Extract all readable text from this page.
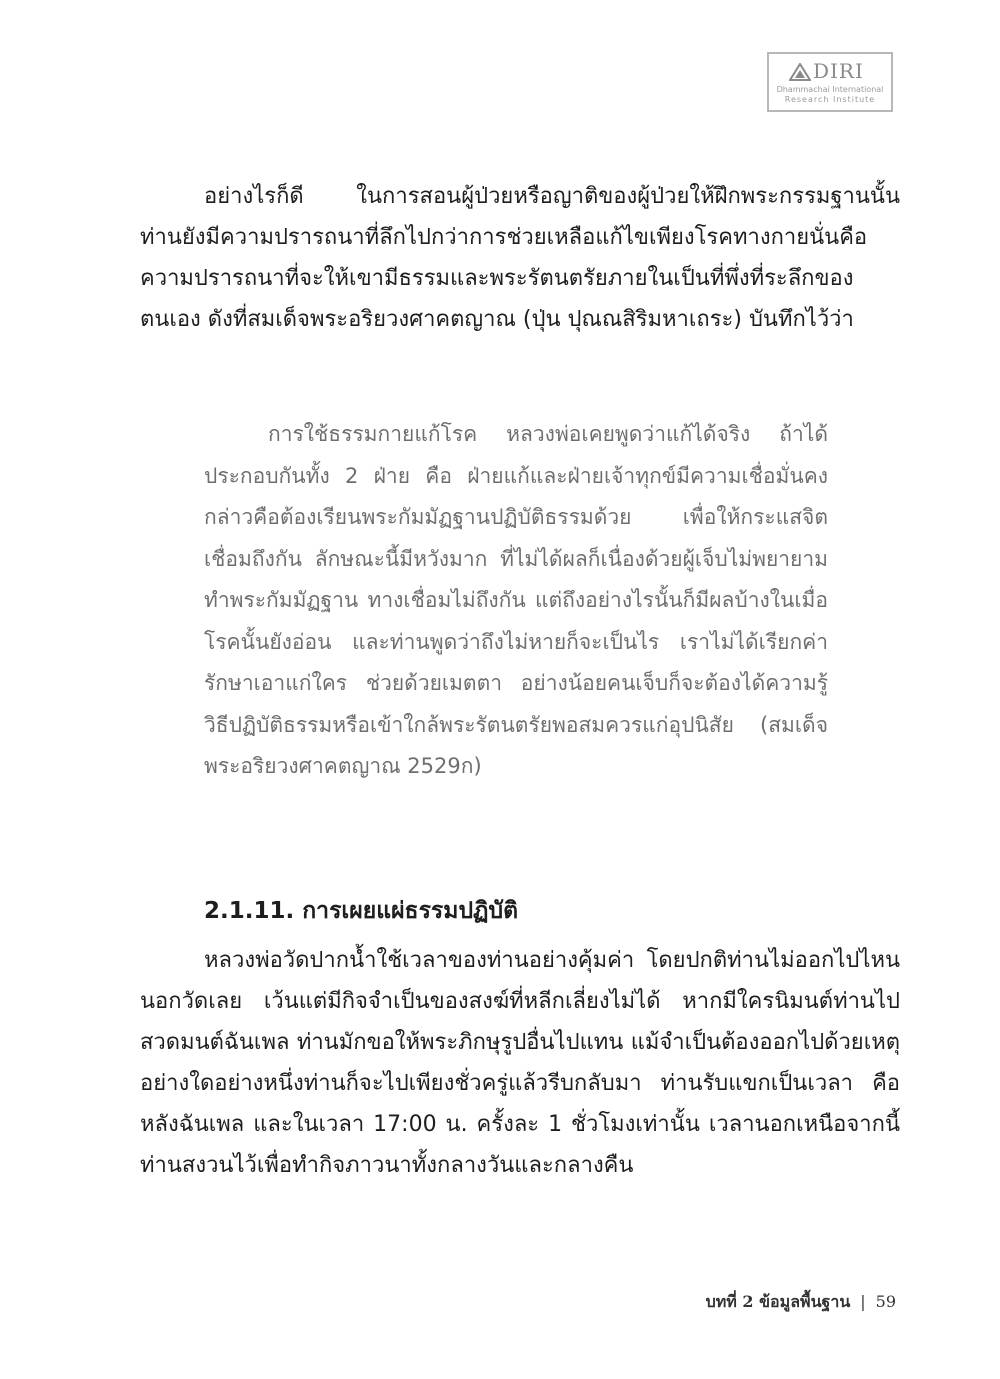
DIRI
Dhammachai International
Research Institute

อย่างไรก็ดี ในการสอนผู้ป่วยหรือญาติของผู้ป่วยให้ฝึกพระกรรมฐานนั้น ท่านยังมีความปรารถนาที่ลึกไปกว่าการช่วยเหลือแก้ไขเพียงโรคทางกายนั่นคือความปรารถนาที่จะให้เขามีธรรมและพระรัตนตรัยภายในเป็นที่พึ่งที่ระลึกของตนเอง ดังที่สมเด็จพระอริยวงศาคตญาณ (ปุ่น ปุณณสิริมหาเถระ) บันทึกไว้ว่า

การใช้ธรรมกายแก้โรค หลวงพ่อเคยพูดว่าแก้ได้จริง ถ้าได้ประกอบกันทั้ง 2 ฝ่าย คือ ฝ่ายแก้และฝ่ายเจ้าทุกข์มีความเชื่อมั่นคง กล่าวคือต้องเรียนพระกัมมัฏฐานปฏิบัติธรรมด้วย เพื่อให้กระแสจิตเชื่อมถึงกัน ลักษณะนี้มีหวังมาก ที่ไม่ได้ผลก็เนื่องด้วยผู้เจ็บไม่พยายามทำพระกัมมัฏฐาน ทางเชื่อมไม่ถึงกัน แต่ถึงอย่างไรนั้นก็มีผลบ้างในเมื่อโรคนั้นยังอ่อน และท่านพูดว่าถึงไม่หายก็จะเป็นไร เราไม่ได้เรียกค่ารักษาเอาแก่ใคร ช่วยด้วยเมตตา อย่างน้อยคนเจ็บก็จะต้องได้ความรู้วิธีปฏิบัติธรรมหรือเข้าใกล้พระรัตนตรัยพอสมควรแก่อุปนิสัย (สมเด็จพระอริยวงศาคตญาณ 2529ก)

2.1.11. การเผยแผ่ธรรมปฏิบัติ

หลวงพ่อวัดปากน้ำใช้เวลาของท่านอย่างคุ้มค่า โดยปกติท่านไม่ออกไปไหนนอกวัดเลย เว้นแต่มีกิจจำเป็นของสงฆ์ที่หลีกเลี่ยงไม่ได้ หากมีใครนิมนต์ท่านไปสวดมนต์ฉันเพล ท่านมักขอให้พระภิกษุรูปอื่นไปแทน แม้จำเป็นต้องออกไปด้วยเหตุอย่างใดอย่างหนึ่งท่านก็จะไปเพียงชั่วครู่แล้วรีบกลับมา ท่านรับแขกเป็นเวลา คือหลังฉันเพล และในเวลา 17:00 น. ครั้งละ 1 ชั่วโมงเท่านั้น เวลานอกเหนือจากนี้ท่านสงวนไว้เพื่อทำกิจภาวนาทั้งกลางวันและกลางคืน

บทที่ 2 ข้อมูลพื้นฐาน | 59
